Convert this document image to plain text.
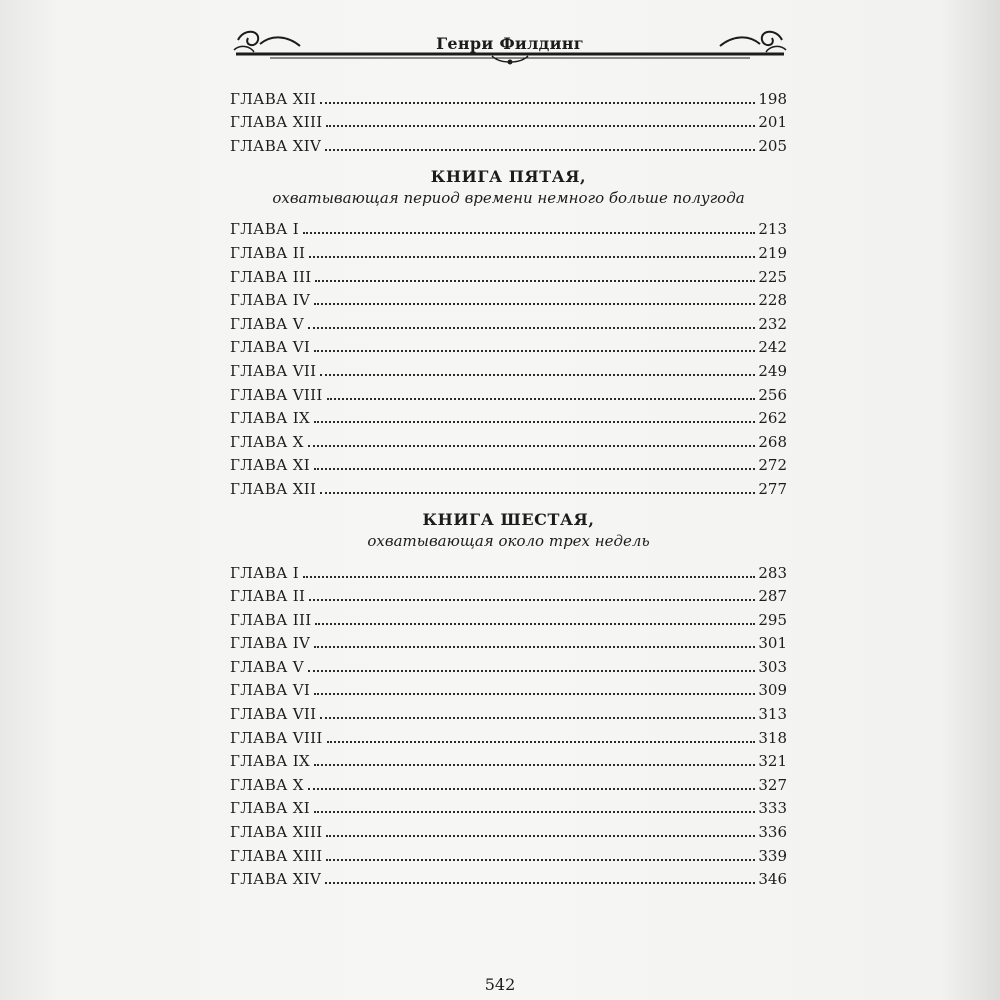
Генри Филдинг
ГЛАВА XII	198
ГЛАВА XIII	201
ГЛАВА XIV	205
КНИГА ПЯТАЯ,
охватывающая период времени немного больше полугода
ГЛАВА I	213
ГЛАВА II	219
ГЛАВА III	225
ГЛАВА IV	228
ГЛАВА V	232
ГЛАВА VI	242
ГЛАВА VII	249
ГЛАВА VIII	256
ГЛАВА IX	262
ГЛАВА X	268
ГЛАВА XI	272
ГЛАВА XII	277
КНИГА ШЕСТАЯ,
охватывающая около трех недель
ГЛАВА I	283
ГЛАВА II	287
ГЛАВА III	295
ГЛАВА IV	301
ГЛАВА V	303
ГЛАВА VI	309
ГЛАВА VII	313
ГЛАВА VIII	318
ГЛАВА IX	321
ГЛАВА X	327
ГЛАВА XI	333
ГЛАВА XIII	336
ГЛАВА XIII	339
ГЛАВА XIV	346
542
